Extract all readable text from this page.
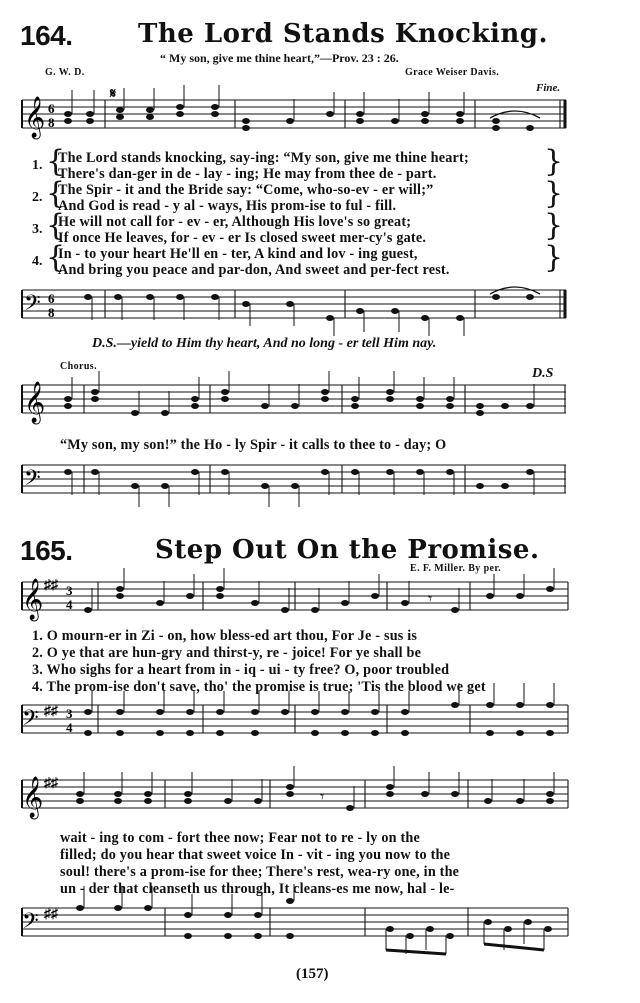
164.	The Lord Stands Knocking.
“ My son, give me thine heart,”—Prov. 23 : 26.
G. W. D.	Grace Weiser Davis.
Fine.
𝄞 6
8
𝄋
1. {
The Lord stands knocking, say-ing: “My son, give me thine heart;
There's dan-ger in de - lay - ing; He may from thee de - part.
2. {
The Spir - it and the Bride say: “Come, who-so-ev - er will;”
And God is read - y al - ways, His prom-ise to ful - fill.
3. {
He will not call for - ev - er, Although His love's so great;
If once He leaves, for - ev - er Is closed sweet mer-cy's gate.
4. {
In - to your heart He'll en - ter, A kind and lov - ing guest,
And bring you peace and par-don, And sweet and per-fect rest.
}
}
}
}
𝄢 6
8
D.S.—yield to Him thy heart, And no long - er tell Him nay.
Chorus.	D.S
𝄞
“My son, my son!” the Ho - ly Spir - it calls to thee to - day; O
𝄢
165.	Step Out On the Promise.
E. F. Miller. By per.
𝄞 ♯♯ 3
4	𝄾
1. O mourn-er in Zi - on, how bless-ed art thou, For Je - sus is
2. O ye that are hun-gry and thirst-y, re - joice! For ye shall be
3. Who sighs for a heart from in - iq - ui - ty free? O, poor troubled
4. The prom-ise don't save, tho' the promise is true; 'Tis the blood we get
𝄢 ♯♯ 3
4
𝄞 ♯♯
𝄾
wait - ing to com - fort thee now; Fear not to re - ly on the
filled; do you hear that sweet voice In - vit - ing you now to the
soul! there's a prom-ise for thee; There's rest, wea-ry one, in the
un - der that cleanseth us through, It cleans-es me now, hal - le-
𝄢 ♯♯
(157)
